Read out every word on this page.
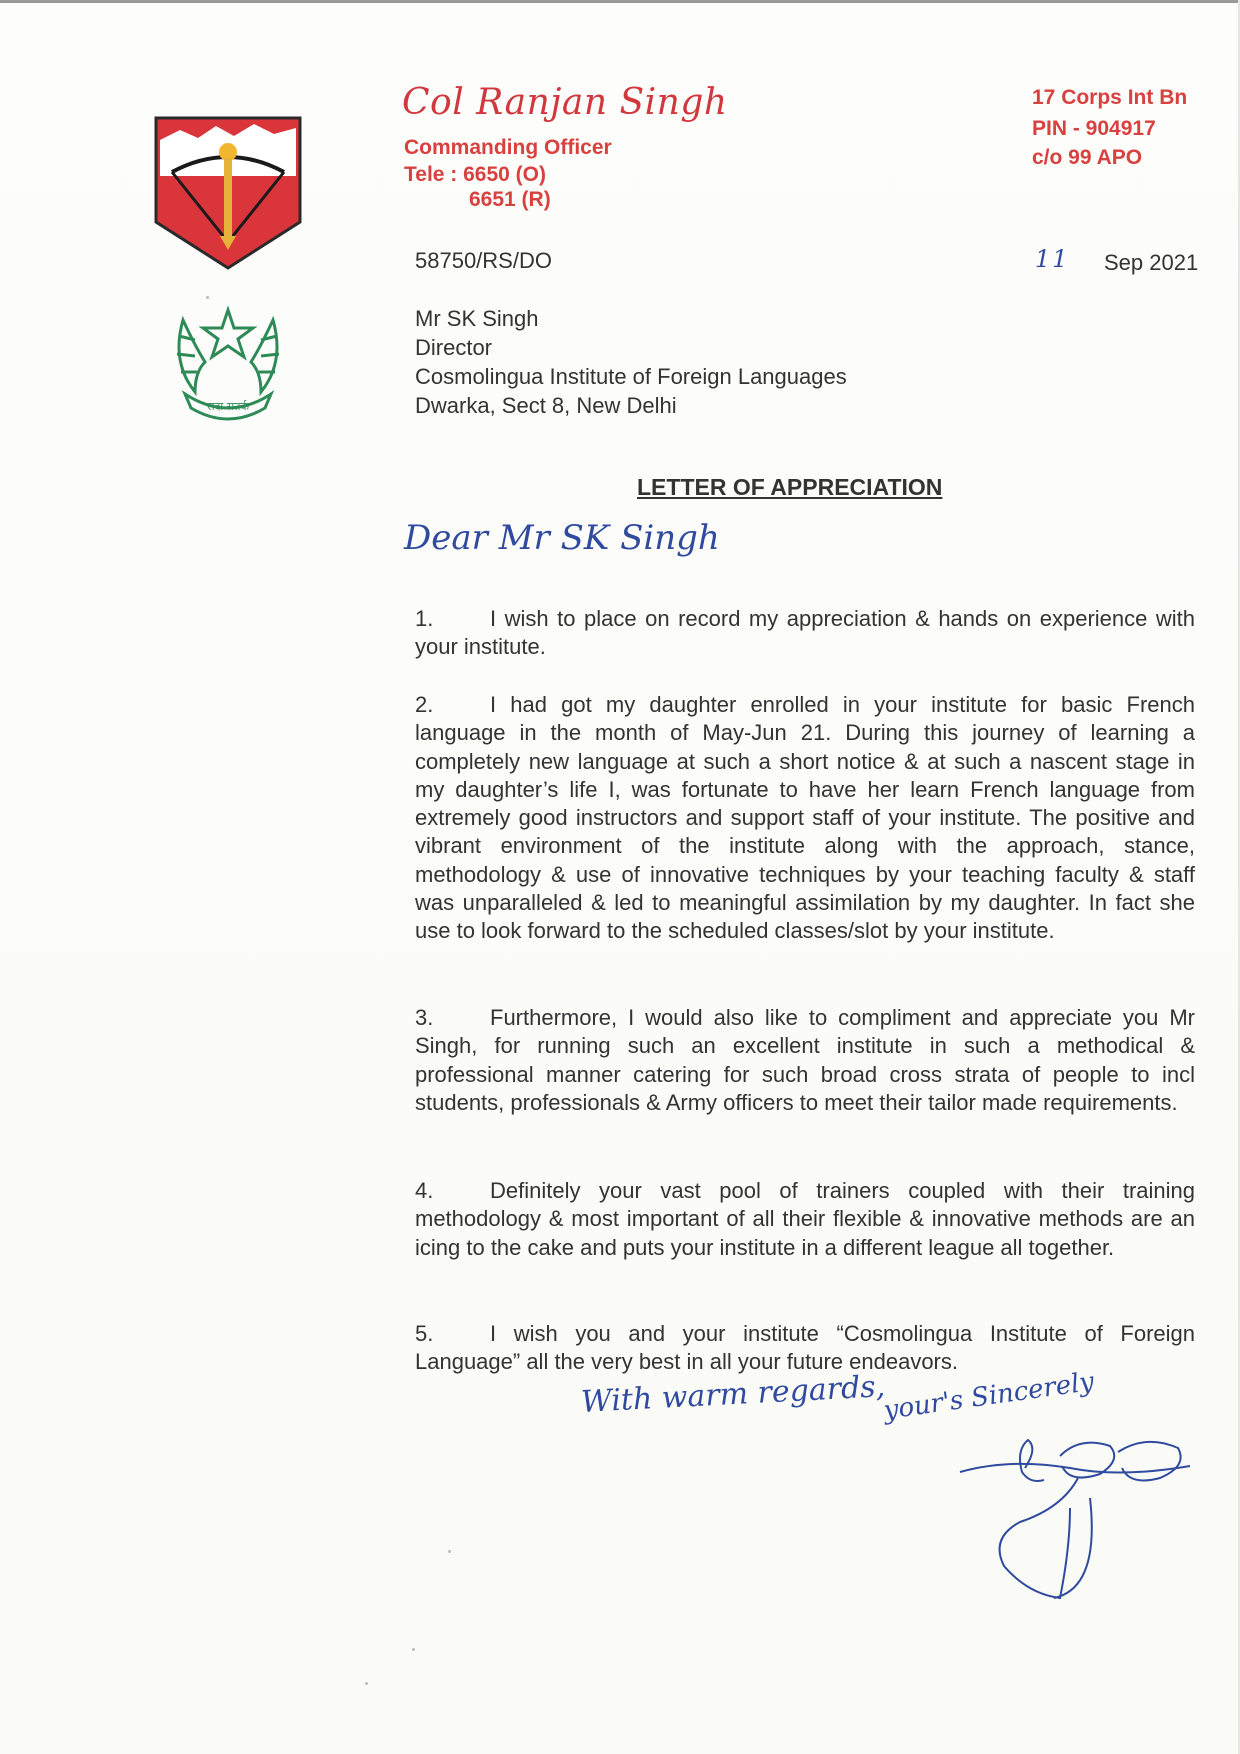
सदा सतर्क
Col Ranjan Singh
Commanding Officer
Tele : 6650 (O)
6651 (R)
17 Corps Int Bn
PIN - 904917
c/o 99 APO
58750/RS/DO	11 Sep 2021
Mr SK Singh
Director
Cosmolingua Institute of Foreign Languages
Dwarka, Sect 8, New Delhi
LETTER OF APPRECIATION
Dear Mr SK Singh
1.	I wish to place on record my appreciation & hands on experience with your institute.
2.	I had got my daughter enrolled in your institute for basic French language in the month of May-Jun 21. During this journey of learning a completely new language at such a short notice & at such a nascent stage in my daughter’s life I, was fortunate to have her learn French language from extremely good instructors and support staff of your institute. The positive and vibrant environment of the institute along with the approach, stance, methodology & use of innovative techniques by your teaching faculty & staff was unparalleled & led to meaningful assimilation by my daughter. In fact she use to look forward to the scheduled classes/slot by your institute.
3.	Furthermore, I would also like to compliment and appreciate you Mr Singh, for running such an excellent institute in such a methodical & professional manner catering for such broad cross strata of people to incl students, professionals & Army officers to meet their tailor made requirements.
4.	Definitely your vast pool of trainers coupled with their training methodology & most important of all their flexible & innovative methods are an icing to the cake and puts your institute in a different league all together.
5.	I wish you and your institute “Cosmolingua Institute of Foreign Language” all the very best in all your future endeavors.
With warm regards,
your's Sincerely
